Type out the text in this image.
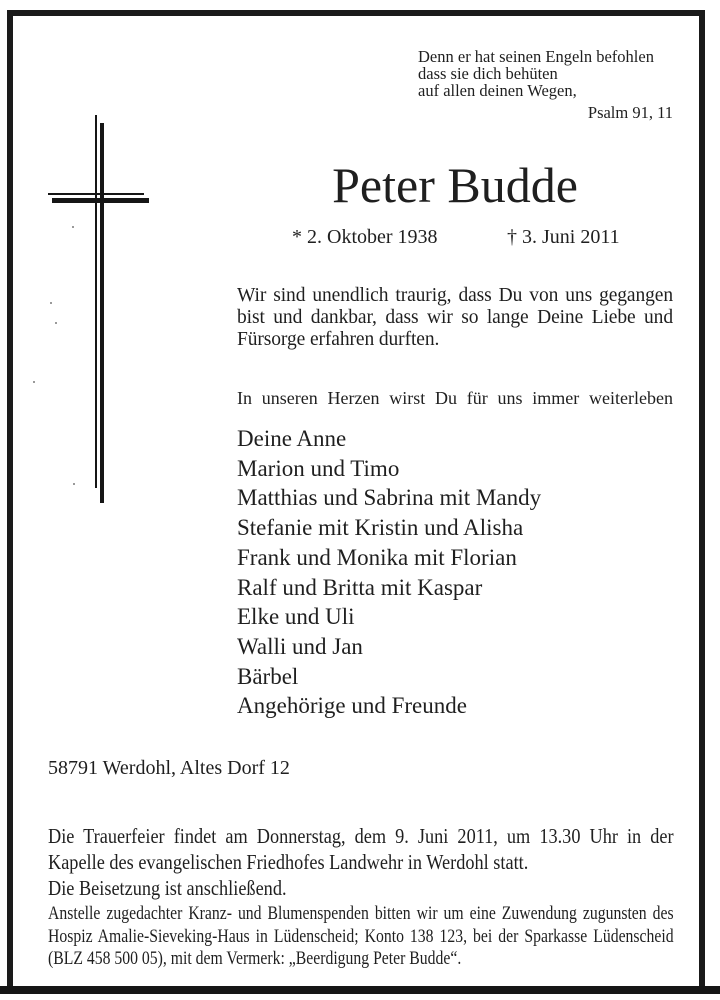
Denn er hat seinen Engeln befohlen
dass sie dich behüten
auf allen deinen Wegen,
Psalm 91, 11
Peter Budde
* 2. Oktober 1938	† 3. Juni 2011

Wir sind unendlich traurig, dass Du von uns gegangen bist und dankbar, dass wir so lange Deine Liebe und Fürsorge erfahren durften.

In unseren Herzen wirst Du für uns immer weiterleben
Deine Anne
Marion und Timo
Matthias und Sabrina mit Mandy
Stefanie mit Kristin und Alisha
Frank und Monika mit Florian
Ralf und Britta mit Kaspar
Elke und Uli
Walli und Jan
Bärbel
Angehörige und Freunde
58791 Werdohl, Altes Dorf 12

Die Trauerfeier findet am Donnerstag, dem 9. Juni 2011, um 13.30 Uhr in der Kapelle des evangelischen Friedhofes Landwehr in Werdohl statt.

Die Beisetzung ist anschließend.

Anstelle zugedachter Kranz- und Blumenspenden bitten wir um eine Zuwendung zugunsten des Hospiz Amalie-Sieveking-Haus in Lüdenscheid; Konto 138 123, bei der Sparkasse Lüdenscheid (BLZ 458 500 05), mit dem Vermerk: „Beerdigung Peter Budde“.
